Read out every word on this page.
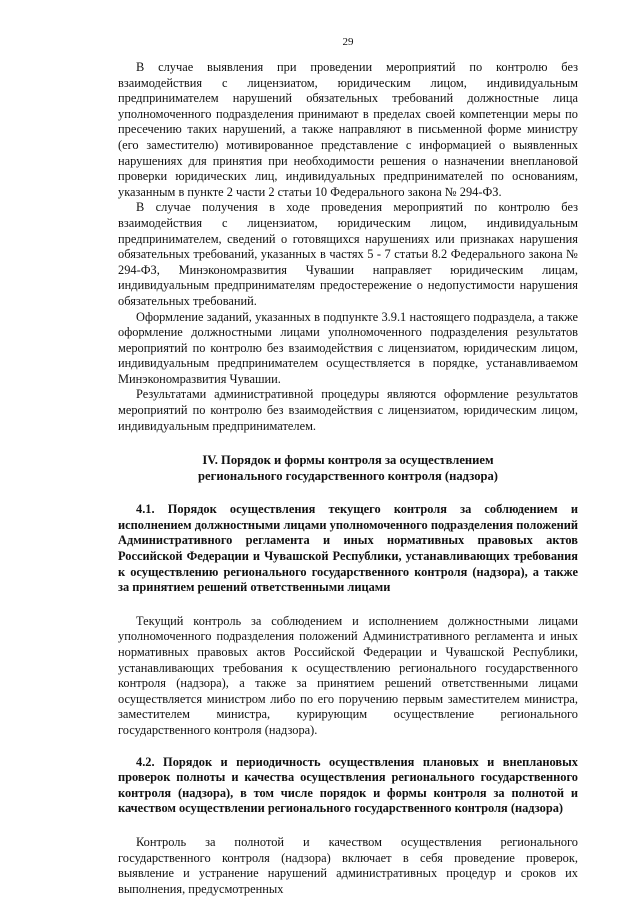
29

В случае выявления при проведении мероприятий по контролю без взаимодействия с лицензиатом, юридическим лицом, индивидуальным предпринимателем нарушений обязательных требований должностные лица уполномоченного подразделения принимают в пределах своей компетенции меры по пресечению таких нарушений, а также направляют в письменной форме министру (его заместителю) мотивированное представление с информацией о выявленных нарушениях для принятия при необходимости решения о назначении внеплановой проверки юридических лиц, индивидуальных предпринимателей по основаниям, указанным в пункте 2 части 2 статьи 10 Федерального закона № 294-ФЗ.

В случае получения в ходе проведения мероприятий по контролю без взаимодействия с лицензиатом, юридическим лицом, индивидуальным предпринимателем, сведений о готовящихся нарушениях или признаках нарушения обязательных требований, указанных в частях 5 - 7 статьи 8.2 Федерального закона № 294-ФЗ, Минэкономразвития Чувашии направляет юридическим лицам, индивидуальным предпринимателям предостережение о недопустимости нарушения обязательных требований.

Оформление заданий, указанных в подпункте 3.9.1 настоящего подраздела, а также оформление должностными лицами уполномоченного подразделения результатов мероприятий по контролю без взаимодействия с лицензиатом, юридическим лицом, индивидуальным предпринимателем осуществляется в порядке, устанавливаемом Минэкономразвития Чувашии.

Результатами административной процедуры являются оформление результатов мероприятий по контролю без взаимодействия с лицензиатом, юридическим лицом, индивидуальным предпринимателем.

IV. Порядок и формы контроля за осуществлением
регионального государственного контроля (надзора)
4.1. Порядок осуществления текущего контроля за соблюдением и исполнением должностными лицами уполномоченного подразделения положений Административного регламента и иных нормативных правовых актов Российской Федерации и Чувашской Республики, устанавливающих требования к осуществлению регионального государственного контроля (надзора), а также за принятием решений ответственными лицами

Текущий контроль за соблюдением и исполнением должностными лицами уполномоченного подразделения положений Административного регламента и иных нормативных правовых актов Российской Федерации и Чувашской Республики, устанавливающих требования к осуществлению регионального государственного контроля (надзора), а также за принятием решений ответственными лицами осуществляется министром либо по его поручению первым заместителем министра, заместителем министра, курирующим осуществление регионального государственного контроля (надзора).

4.2. Порядок и периодичность осуществления плановых и внеплановых проверок полноты и качества осуществления регионального государственного контроля (надзора), в том числе порядок и формы контроля за полнотой и качеством осуществлении регионального государственного контроля (надзора)

Контроль за полнотой и качеством осуществления регионального государственного контроля (надзора) включает в себя проведение проверок, выявление и устранение нарушений административных процедур и сроков их выполнения, предусмотренных
